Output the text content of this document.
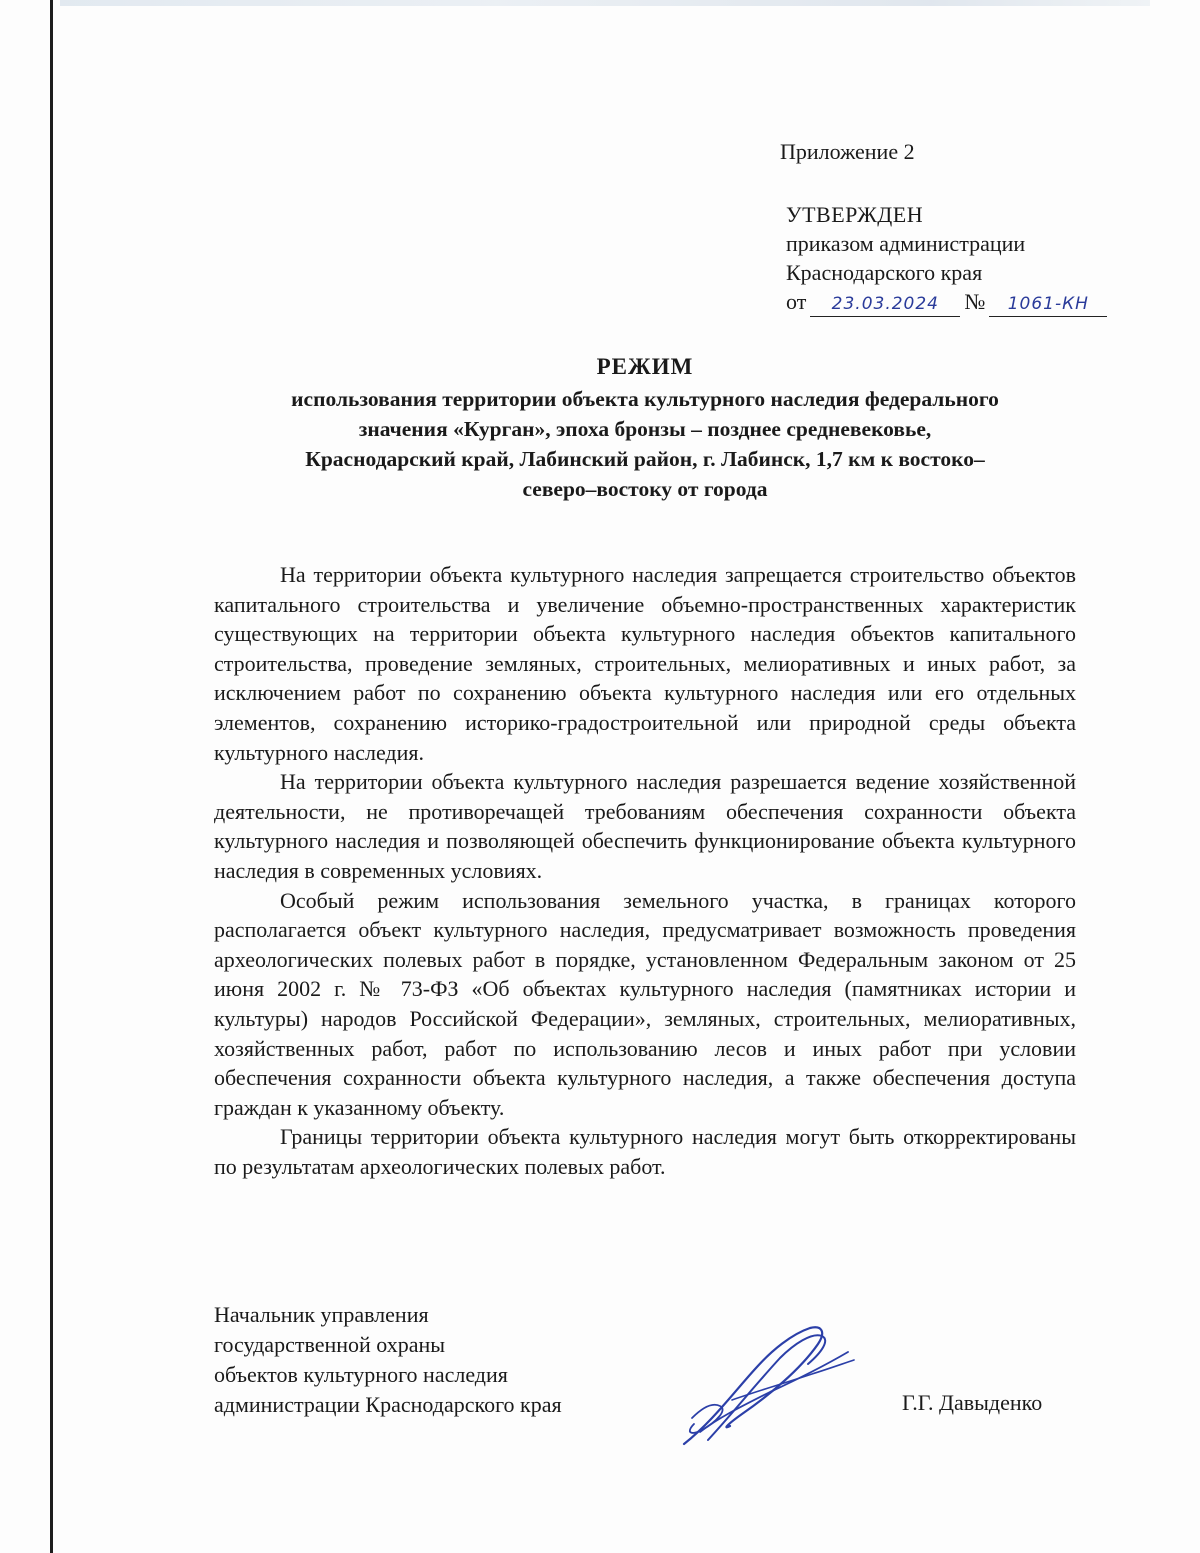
Приложение 2
УТВЕРЖДЕН
приказом администрации
Краснодарского края
от 23.03.2024 № 1061-КН
РЕЖИМ
использования территории объекта культурного наследия федерального
значения «Курган», эпоха бронзы – позднее средневековье,
Краснодарский край, Лабинский район, г. Лабинск, 1,7 км к востоко–
северо–востоку от города

На территории объекта культурного наследия запрещается строительство объектов капитального строительства и увеличение объемно-пространственных характеристик существующих на территории объекта культурного наследия объектов капитального строительства, проведение земляных, строительных, мелиоративных и иных работ, за исключением работ по сохранению объекта культурного наследия или его отдельных элементов, сохранению историко-градостроительной или природной среды объекта культурного наследия.

На территории объекта культурного наследия разрешается ведение хозяйственной деятельности, не противоречащей требованиям обеспечения сохранности объекта культурного наследия и позволяющей обеспечить функционирование объекта культурного наследия в современных условиях.

Особый режим использования земельного участка, в границах которого располагается объект культурного наследия, предусматривает возможность проведения археологических полевых работ в порядке, установленном Федеральным законом от 25 июня 2002 г. № 73-ФЗ «Об объектах культурного наследия (памятниках истории и культуры) народов Российской Федерации», земляных, строительных, мелиоративных, хозяйственных работ, работ по использованию лесов и иных работ при условии обеспечения сохранности объекта культурного наследия, а также обеспечения доступа граждан к указанному объекту.

Границы территории объекта культурного наследия могут быть откорректированы по результатам археологических полевых работ.

Начальник управления
государственной охраны
объектов культурного наследия
администрации Краснодарского края	Г.Г. Давыденко
